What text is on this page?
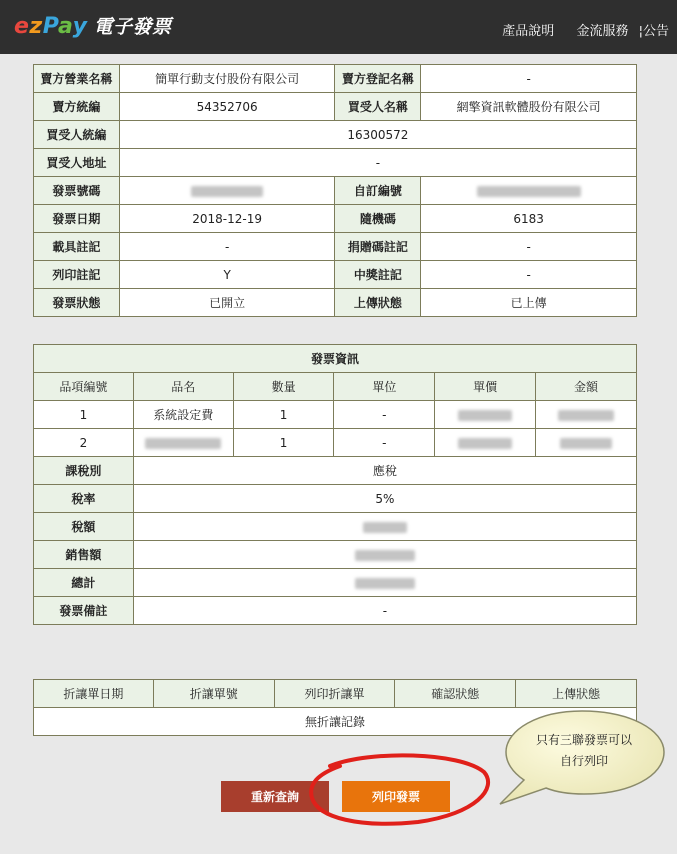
ezPay 電子發票	產品說明 金流服務 ¦公告
賣方營業名稱	簡單行動支付股份有限公司	賣方登記名稱	-
賣方統編	54352706	買受人名稱	網擎資訊軟體股份有限公司
買受人統編	16300572		
買受人地址	-		
發票號碼		自訂編號	
發票日期	2018-12-19	隨機碼	6183
載具註記	-	捐贈碼註記	-
列印註記	Y	中獎註記	-
發票狀態	已開立	上傳狀態	已上傳
發票資訊					
品項編號	品名	數量	單位	單價	金額
1	系統設定費	1	-		
2		1	-		
課稅別	應稅				
稅率	5%				
稅額					
銷售額					
總計					
發票備註	-				
折讓單日期	折讓單號	列印折讓單	確認狀態	上傳狀態
無折讓記錄
重新查詢	列印發票
只有三聯發票可以
自行列印
